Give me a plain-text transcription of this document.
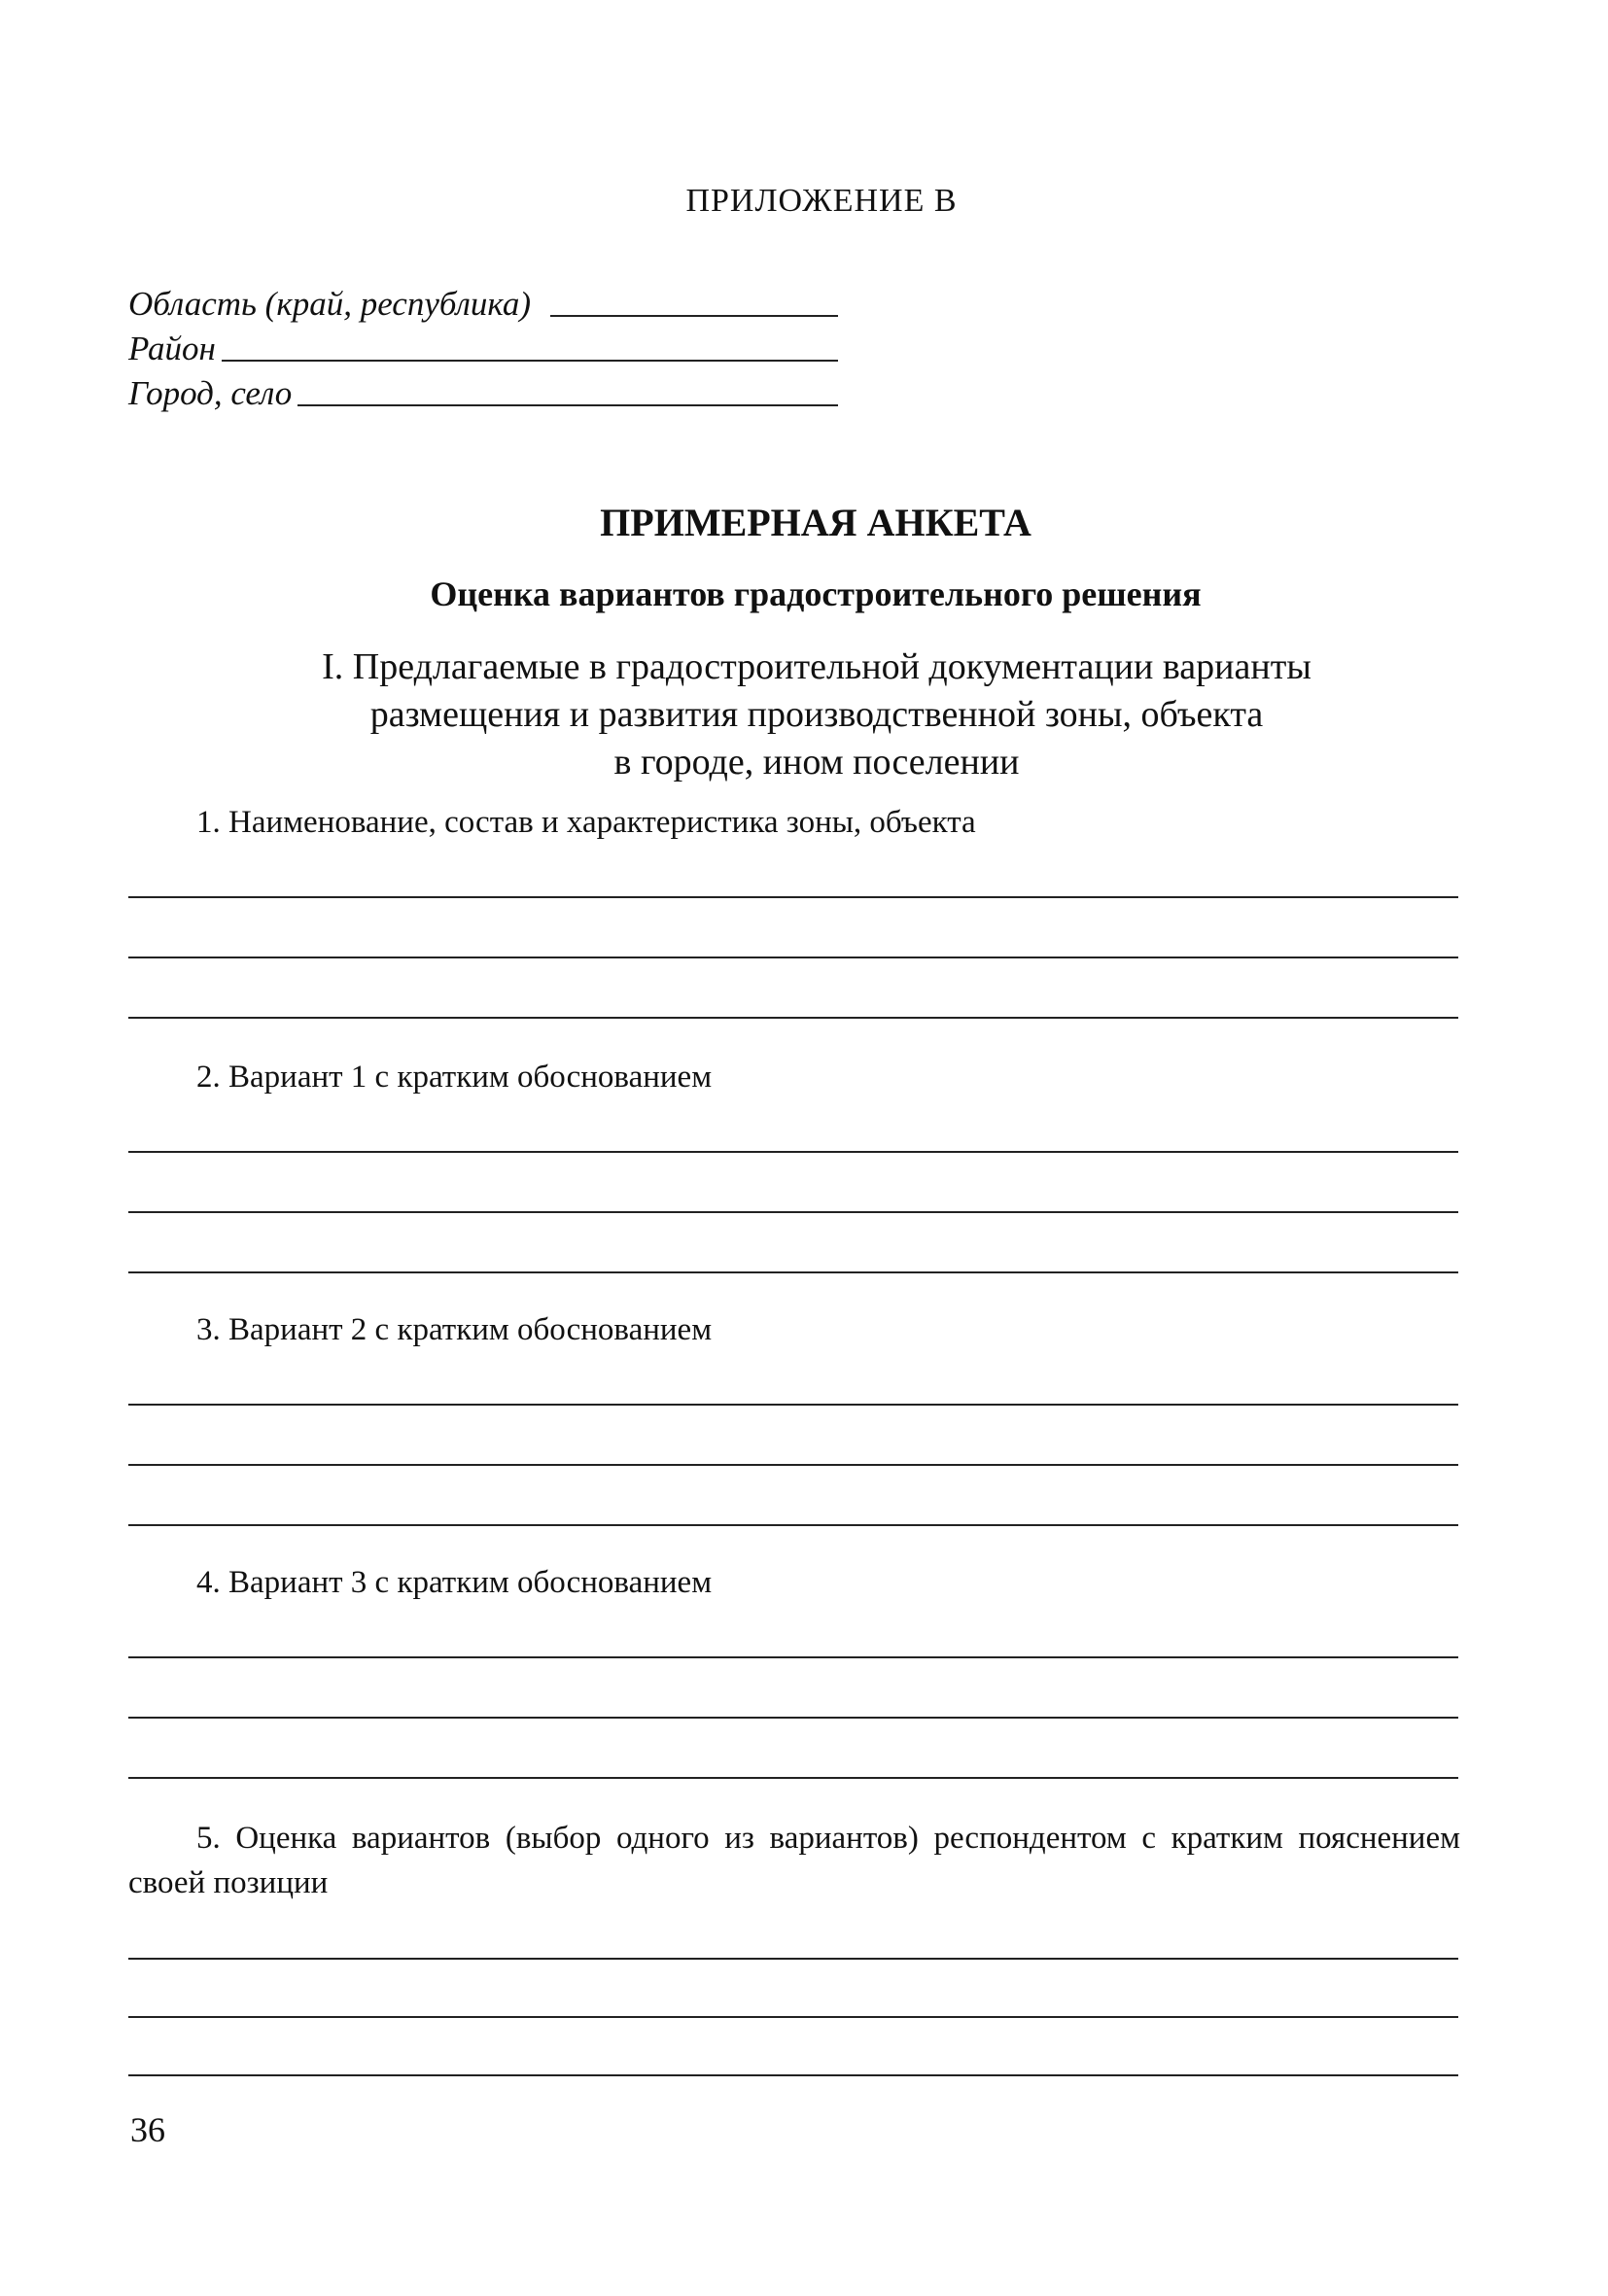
ПРИЛОЖЕНИЕ В
Область (край, республика)
Район
Город, село
ПРИМЕРНАЯ АНКЕТА
Оценка вариантов градостроительного решения
I. Предлагаемые в градостроительной документации варианты
размещения и развития производственной зоны, объекта
в городе, ином поселении
1. Наименование, состав и характеристика зоны, объекта
2. Вариант 1 с кратким обоснованием
3. Вариант 2 с кратким обоснованием
4. Вариант 3 с кратким обоснованием
5. Оценка вариантов (выбор одного из вариантов) респондентом с кратким пояснением своей позиции
36
